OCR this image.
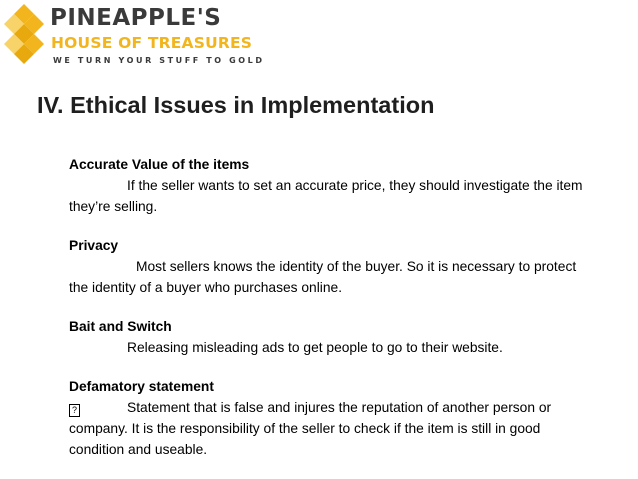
PINEAPPLE'S
HOUSE OF TREASURES
WE TURN YOUR STUFF TO GOLD
IV. Ethical Issues in Implementation
Accurate Value of the items
If the seller wants to set an accurate price, they should investigate the item they’re selling.
Privacy
Most sellers knows the identity of the buyer. So it is necessary to protect the identity of a buyer who purchases online.
Bait and Switch
Releasing misleading ads to get people to go to their website.
Defamatory statement
?	Statement that is false and injures the reputation of another person or company. It is the responsibility of the seller to check if the item is still in good condition and useable.
